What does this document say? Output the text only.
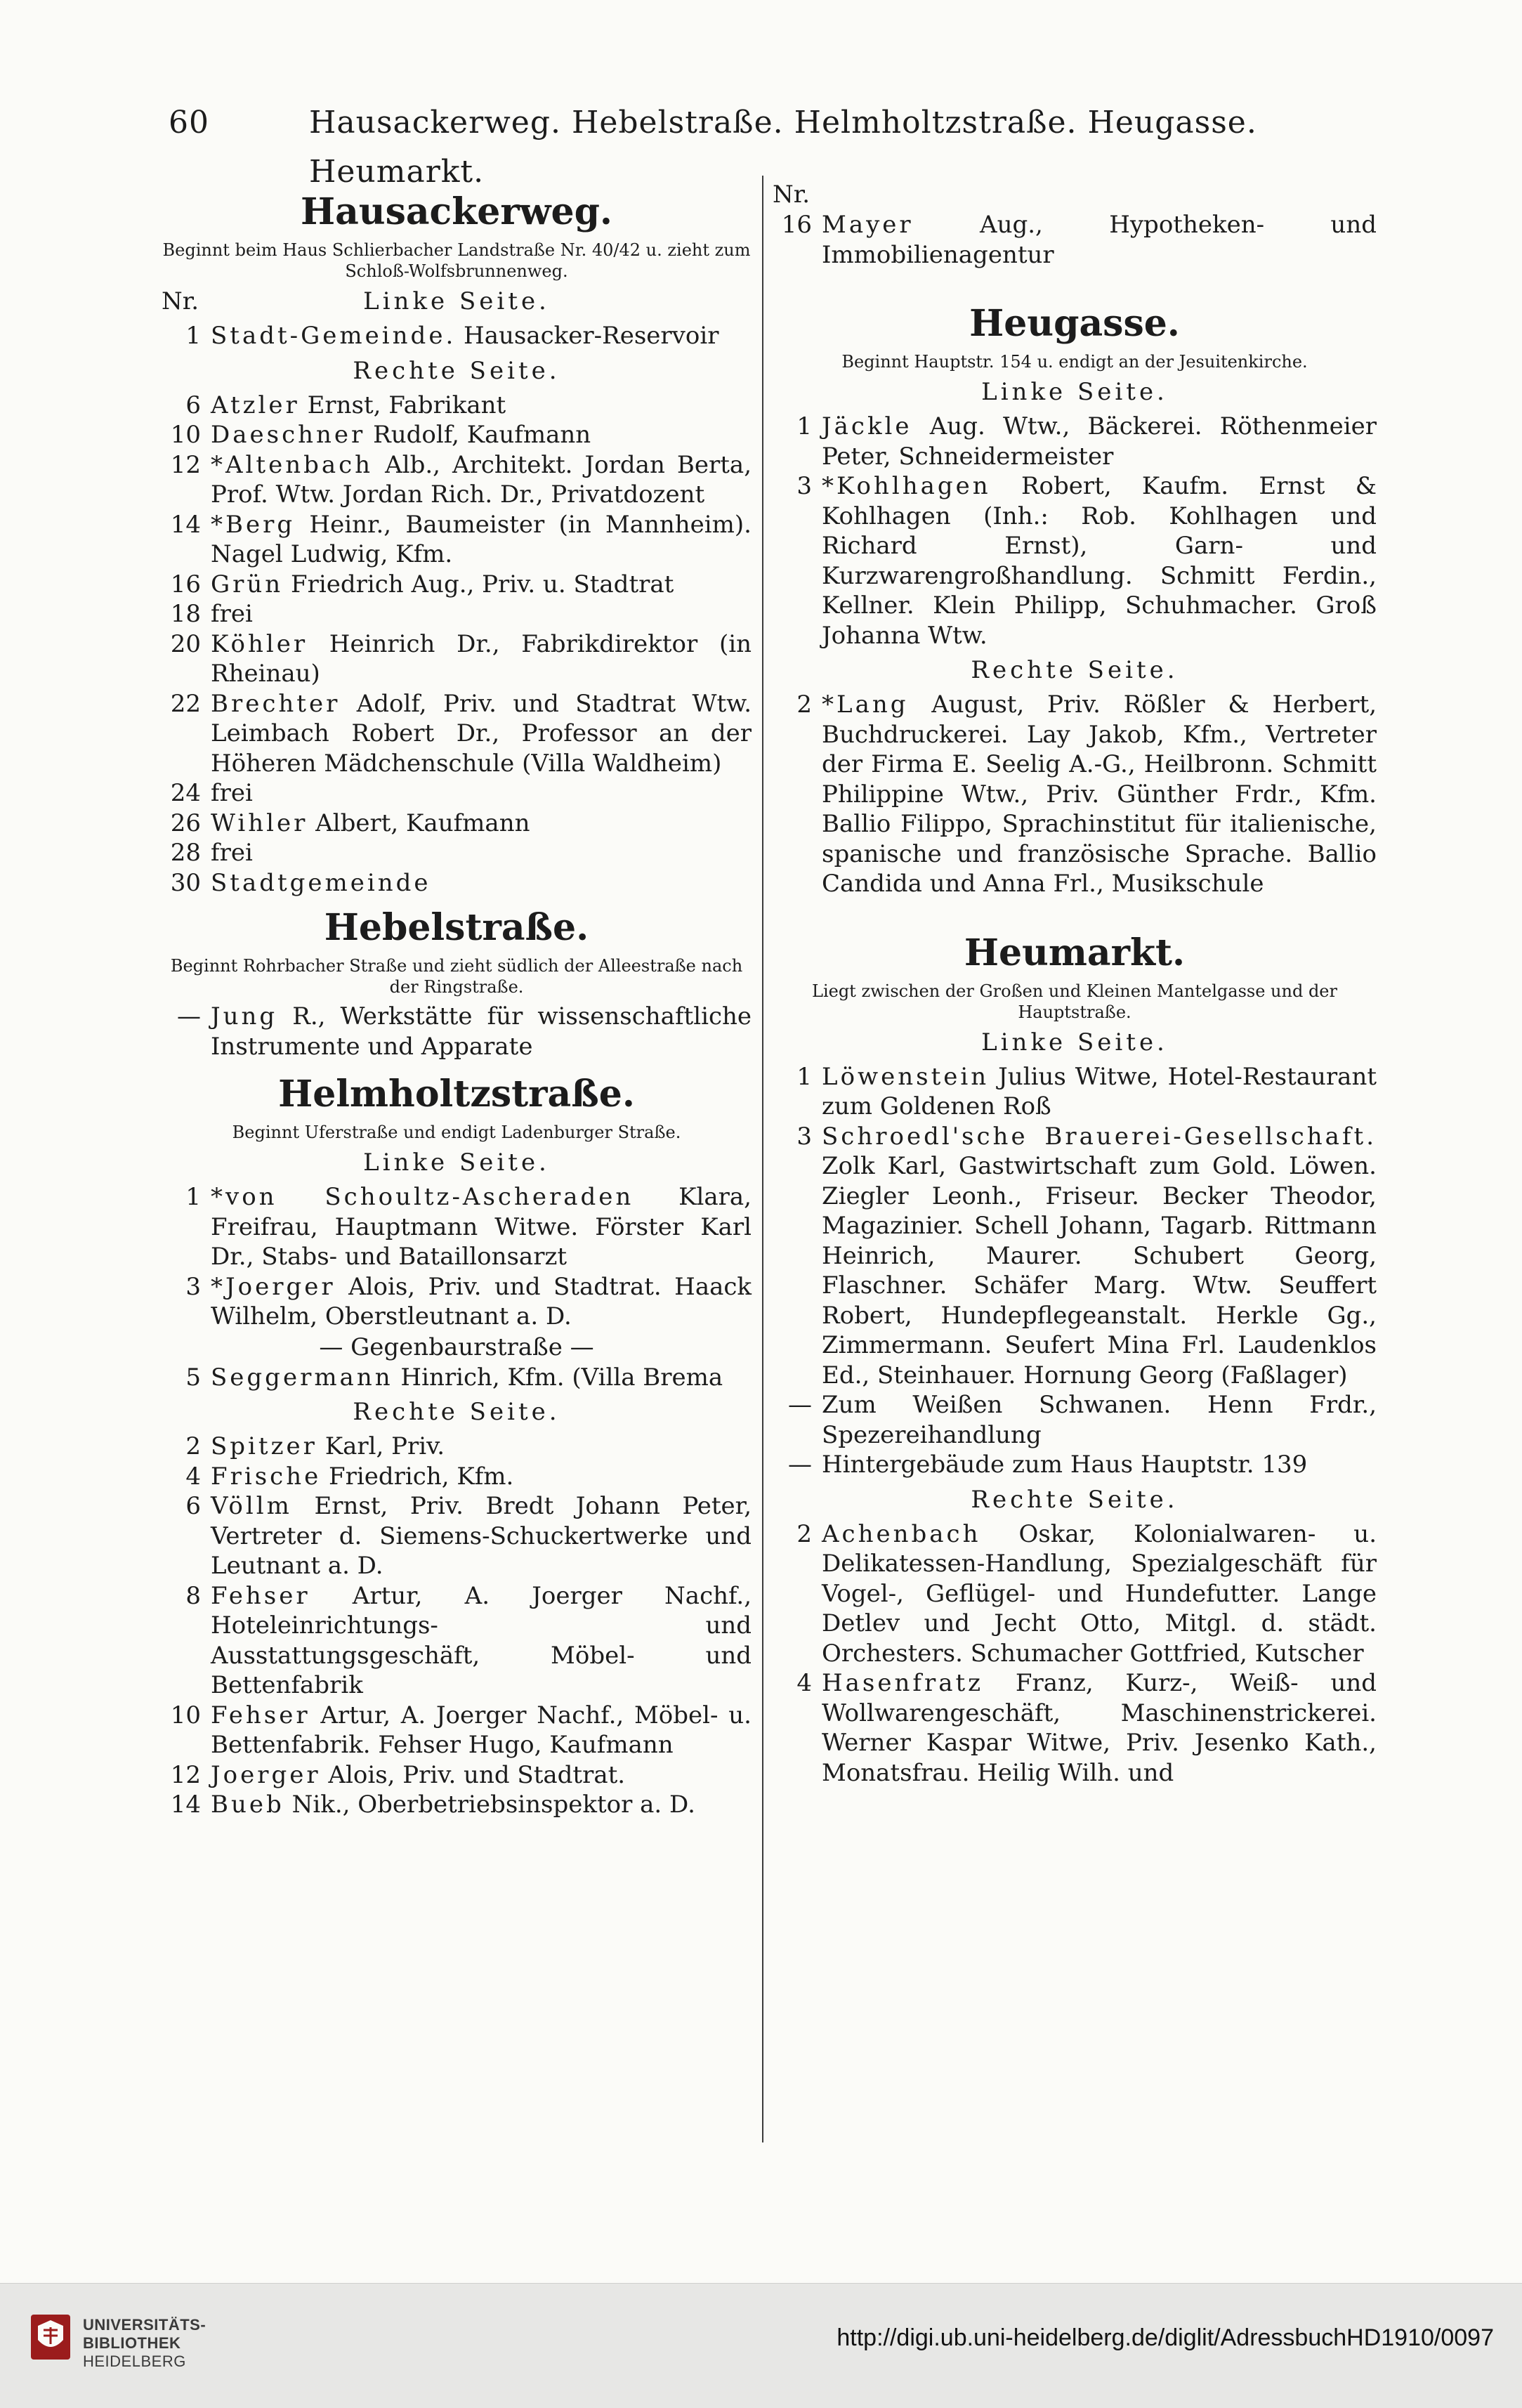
60	Hausackerweg. Hebelstraße. Helmholtzstraße. Heugasse. Heumarkt.
Hausackerweg.
Beginnt beim Haus Schlierbacher Landstraße Nr. 40/42 u. zieht zum Schloß-Wolfsbrunnenweg.
Nr.	Linke Seite.
1 Stadt-Gemeinde. Hausacker-Reservoir
Rechte Seite.
6 Atzler Ernst, Fabrikant
10 Daeschner Rudolf, Kaufmann
12 *Altenbach Alb., Architekt. Jordan Berta, Prof. Wtw. Jordan Rich. Dr., Privatdozent
14 *Berg Heinr., Baumeister (in Mannheim). Nagel Ludwig, Kfm.
16 Grün Friedrich Aug., Priv. u. Stadtrat
18 frei
20 Köhler Heinrich Dr., Fabrikdirektor (in Rheinau)
22 Brechter Adolf, Priv. und Stadtrat Wtw. Leimbach Robert Dr., Professor an der Höheren Mädchenschule (Villa Waldheim)
24 frei
26 Wihler Albert, Kaufmann
28 frei
30 Stadtgemeinde
Hebelstraße.
Beginnt Rohrbacher Straße und zieht südlich der Alleestraße nach der Ringstraße.
— Jung R., Werkstätte für wissenschaftliche Instrumente und Apparate
Helmholtzstraße.
Beginnt Uferstraße und endigt Ladenburger Straße.
Linke Seite.
1 *von Schoultz-Ascheraden Klara, Freifrau, Hauptmann Witwe. Förster Karl Dr., Stabs- und Bataillonsarzt
3 *Joerger Alois, Priv. und Stadtrat. Haack Wilhelm, Oberstleutnant a. D.
— Gegenbaurstraße —
5 Seggermann Hinrich, Kfm. (Villa Brema
Rechte Seite.
2 Spitzer Karl, Priv.
4 Frische Friedrich, Kfm.
6 Völlm Ernst, Priv. Bredt Johann Peter, Vertreter d. Siemens-Schuckertwerke und Leutnant a. D.
8 Fehser Artur, A. Joerger Nachf., Hoteleinrichtungs- und Ausstattungsgeschäft, Möbel- und Bettenfabrik
10 Fehser Artur, A. Joerger Nachf., Möbel- u. Bettenfabrik. Fehser Hugo, Kaufmann
12 Joerger Alois, Priv. und Stadtrat.
14 Bueb Nik., Oberbetriebsinspektor a. D.
Nr.
16 Mayer Aug., Hypotheken- und Immobilienagentur
Heugasse.
Beginnt Hauptstr. 154 u. endigt an der Jesuitenkirche.
Linke Seite.
1 Jäckle Aug. Wtw., Bäckerei. Röthenmeier Peter, Schneidermeister
3 *Kohlhagen Robert, Kaufm. Ernst & Kohlhagen (Inh.: Rob. Kohlhagen und Richard Ernst), Garn- und Kurzwarengroßhandlung. Schmitt Ferdin., Kellner. Klein Philipp, Schuhmacher. Groß Johanna Wtw.
Rechte Seite.
2 *Lang August, Priv. Rößler & Herbert, Buchdruckerei. Lay Jakob, Kfm., Vertreter der Firma E. Seelig A.-G., Heilbronn. Schmitt Philippine Wtw., Priv. Günther Frdr., Kfm. Ballio Filippo, Sprachinstitut für italienische, spanische und französische Sprache. Ballio Candida und Anna Frl., Musikschule
Heumarkt.
Liegt zwischen der Großen und Kleinen Mantelgasse und der Hauptstraße.
Linke Seite.
1 Löwenstein Julius Witwe, Hotel-Restaurant zum Goldenen Roß
3 Schroedl'sche Brauerei-Gesellschaft. Zolk Karl, Gastwirtschaft zum Gold. Löwen. Ziegler Leonh., Friseur. Becker Theodor, Magazinier. Schell Johann, Tagarb. Rittmann Heinrich, Maurer. Schubert Georg, Flaschner. Schäfer Marg. Wtw. Seuffert Robert, Hundepflegeanstalt. Herkle Gg., Zimmermann. Seufert Mina Frl. Laudenklos Ed., Steinhauer. Hornung Georg (Faßlager)
— Zum Weißen Schwanen. Henn Frdr., Spezereihandlung
— Hintergebäude zum Haus Hauptstr. 139
Rechte Seite.
2 Achenbach Oskar, Kolonialwaren- u. Delikatessen-Handlung, Spezialgeschäft für Vogel-, Geflügel- und Hundefutter. Lange Detlev und Jecht Otto, Mitgl. d. städt. Orchesters. Schumacher Gottfried, Kutscher
4 Hasenfratz Franz, Kurz-, Weiß- und Wollwarengeschäft, Maschinenstrickerei. Werner Kaspar Witwe, Priv. Jesenko Kath., Monatsfrau. Heilig Wilh. und
UNIVERSITÄTS-
BIBLIOTHEK
HEIDELBERG
http://digi.ub.uni-heidelberg.de/diglit/AdressbuchHD1910/0097
